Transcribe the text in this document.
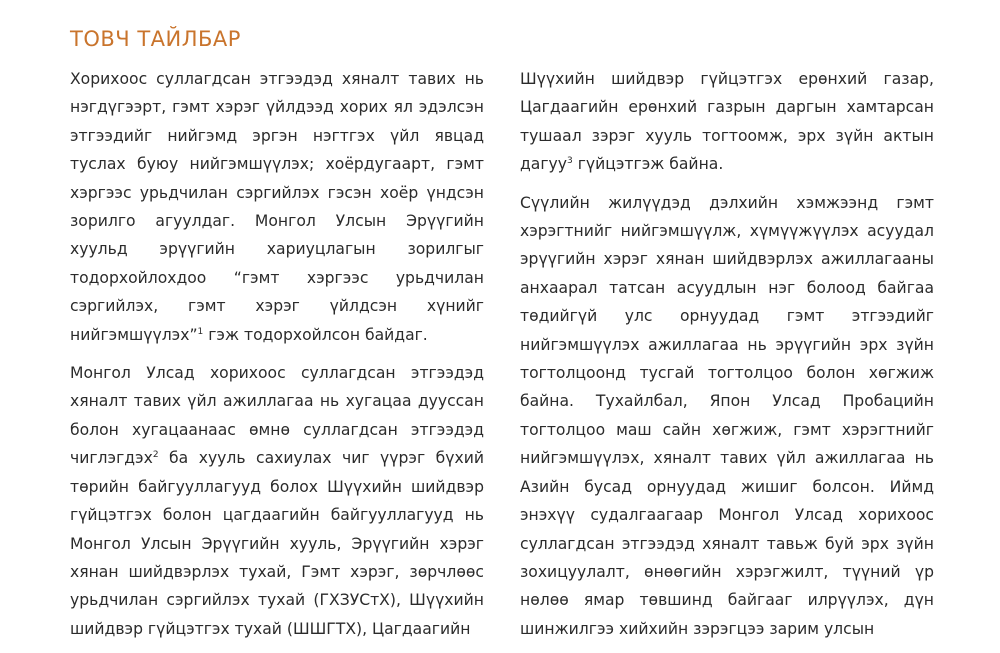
ТОВЧ ТАЙЛБАР

Хорихоос суллагдсан этгээдэд хяналт тавих нь нэгдүгээрт, гэмт хэрэг үйлдээд хорих ял эдэлсэн этгээдийг нийгэмд эргэн нэгтгэх үйл явцад туслах буюу нийгэмшүүлэх; хоёрдугаарт, гэмт хэргээс урьдчилан сэргийлэх гэсэн хоёр үндсэн зорилго агуулдаг. Монгол Улсын Эрүүгийн хуульд эрүүгийн хариуцлагын зорилгыг тодорхойлохдоо “гэмт хэргээс урьдчилан сэргийлэх, гэмт хэрэг үйлдсэн хүнийг нийгэмшүүлэх”$^1$ гэж тодорхойлсон байдаг.

Монгол Улсад хорихоос суллагдсан этгээдэд хяналт тавих үйл ажиллагаа нь хугацаа дууссан болон хугацаанаас өмнө суллагдсан этгээдэд чиглэгдэх$^2$ ба хууль сахиулах чиг үүрэг бүхий төрийн байгууллагууд болох Шүүхийн шийдвэр гүйцэтгэх болон цагдаагийн байгууллагууд нь Монгол Улсын Эрүүгийн хууль, Эрүүгийн хэрэг хянан шийдвэрлэх тухай, Гэмт хэрэг, зөрчлөөс урьдчилан сэргийлэх тухай (ГХЗУСтХ), Шүүхийн шийдвэр гүйцэтгэх тухай (ШШГТХ), Цагдаагийн

Шүүхийн шийдвэр гүйцэтгэх ерөнхий газар, Цагдаагийн ерөнхий газрын даргын хамтарсан тушаал зэрэг хууль тогтоомж, эрх зүйн актын дагуу$^3$ гүйцэтгэж байна.

Сүүлийн жилүүдэд дэлхийн хэмжээнд гэмт хэрэгтнийг нийгэмшүүлж, хүмүүжүүлэх асуудал эрүүгийн хэрэг хянан шийдвэрлэх ажиллагааны анхаарал татсан асуудлын нэг болоод байгаа төдийгүй улс орнуудад гэмт этгээдийг нийгэмшүүлэх ажиллагаа нь эрүүгийн эрх зүйн тогтолцоонд тусгай тогтолцоо болон хөгжиж байна. Тухайлбал, Япон Улсад Пробацийн тогтолцоо маш сайн хөгжиж, гэмт хэрэгтнийг нийгэмшүүлэх, хяналт тавих үйл ажиллагаа нь Азийн бусад орнуудад жишиг болсон. Иймд энэхүү судалгаагаар Монгол Улсад хорихоос суллагдсан этгээдэд хяналт тавьж буй эрх зүйн зохицуулалт, өнөөгийн хэрэгжилт, түүний үр нөлөө ямар төвшинд байгааг илрүүлэх, дүн шинжилгээ хийхийн зэрэгцээ зарим улсын
